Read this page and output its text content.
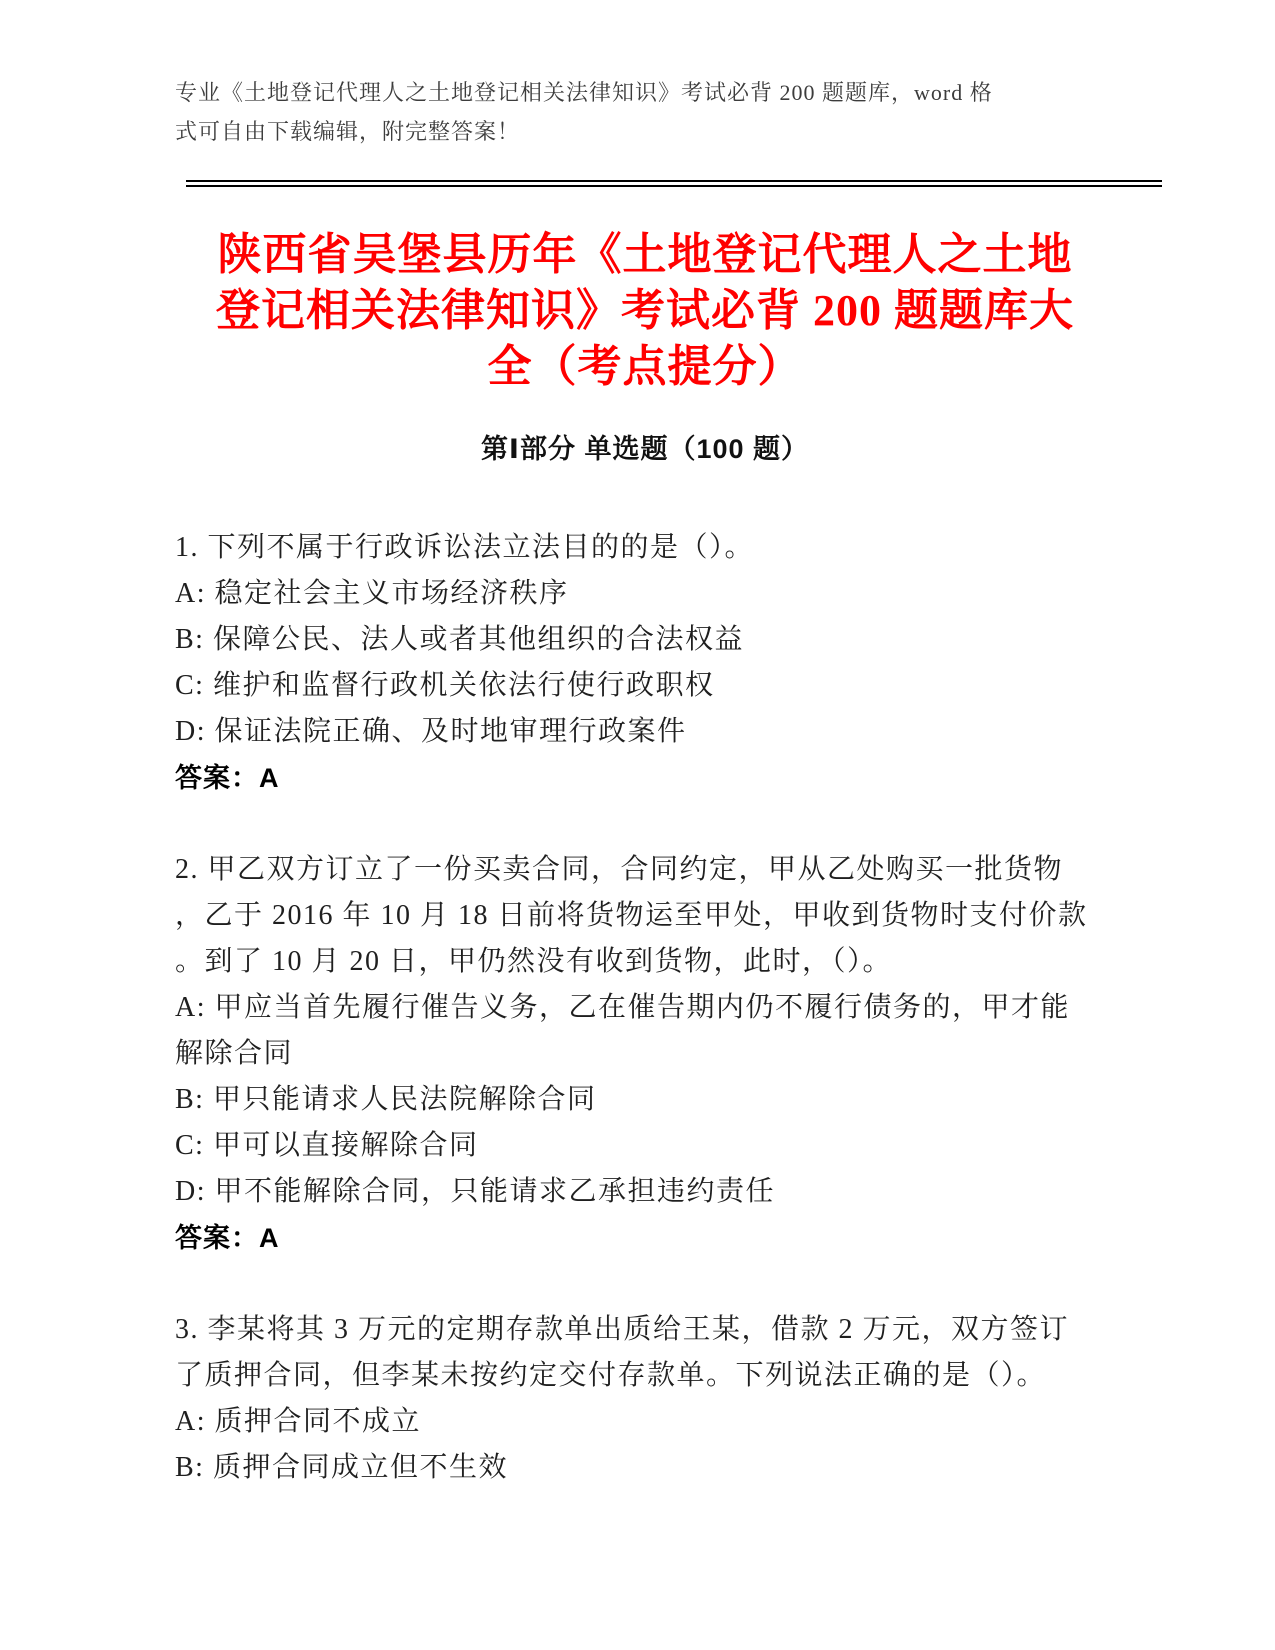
专业《土地登记代理人之土地登记相关法律知识》考试必背 200 题题库，word 格
式可自由下载编辑，附完整答案！
陕西省吴堡县历年《土地登记代理人之土地
登记相关法律知识》考试必背 200 题题库大
全（考点提分）
第Ⅰ部分 单选题（100 题）
1. 下列不属于行政诉讼法立法目的的是（）。
A: 稳定社会主义市场经济秩序
B: 保障公民、法人或者其他组织的合法权益
C: 维护和监督行政机关依法行使行政职权
D: 保证法院正确、及时地审理行政案件
答案：A
2. 甲乙双方订立了一份买卖合同，合同约定，甲从乙处购买一批货物
，乙于 2016 年 10 月 18 日前将货物运至甲处，甲收到货物时支付价款
。到了 10 月 20 日，甲仍然没有收到货物，此时，（）。
A: 甲应当首先履行催告义务，乙在催告期内仍不履行债务的，甲才能
解除合同
B: 甲只能请求人民法院解除合同
C: 甲可以直接解除合同
D: 甲不能解除合同，只能请求乙承担违约责任
答案：A
3. 李某将其 3 万元的定期存款单出质给王某，借款 2 万元，双方签订
了质押合同，但李某未按约定交付存款单。下列说法正确的是（）。
A: 质押合同不成立
B: 质押合同成立但不生效
